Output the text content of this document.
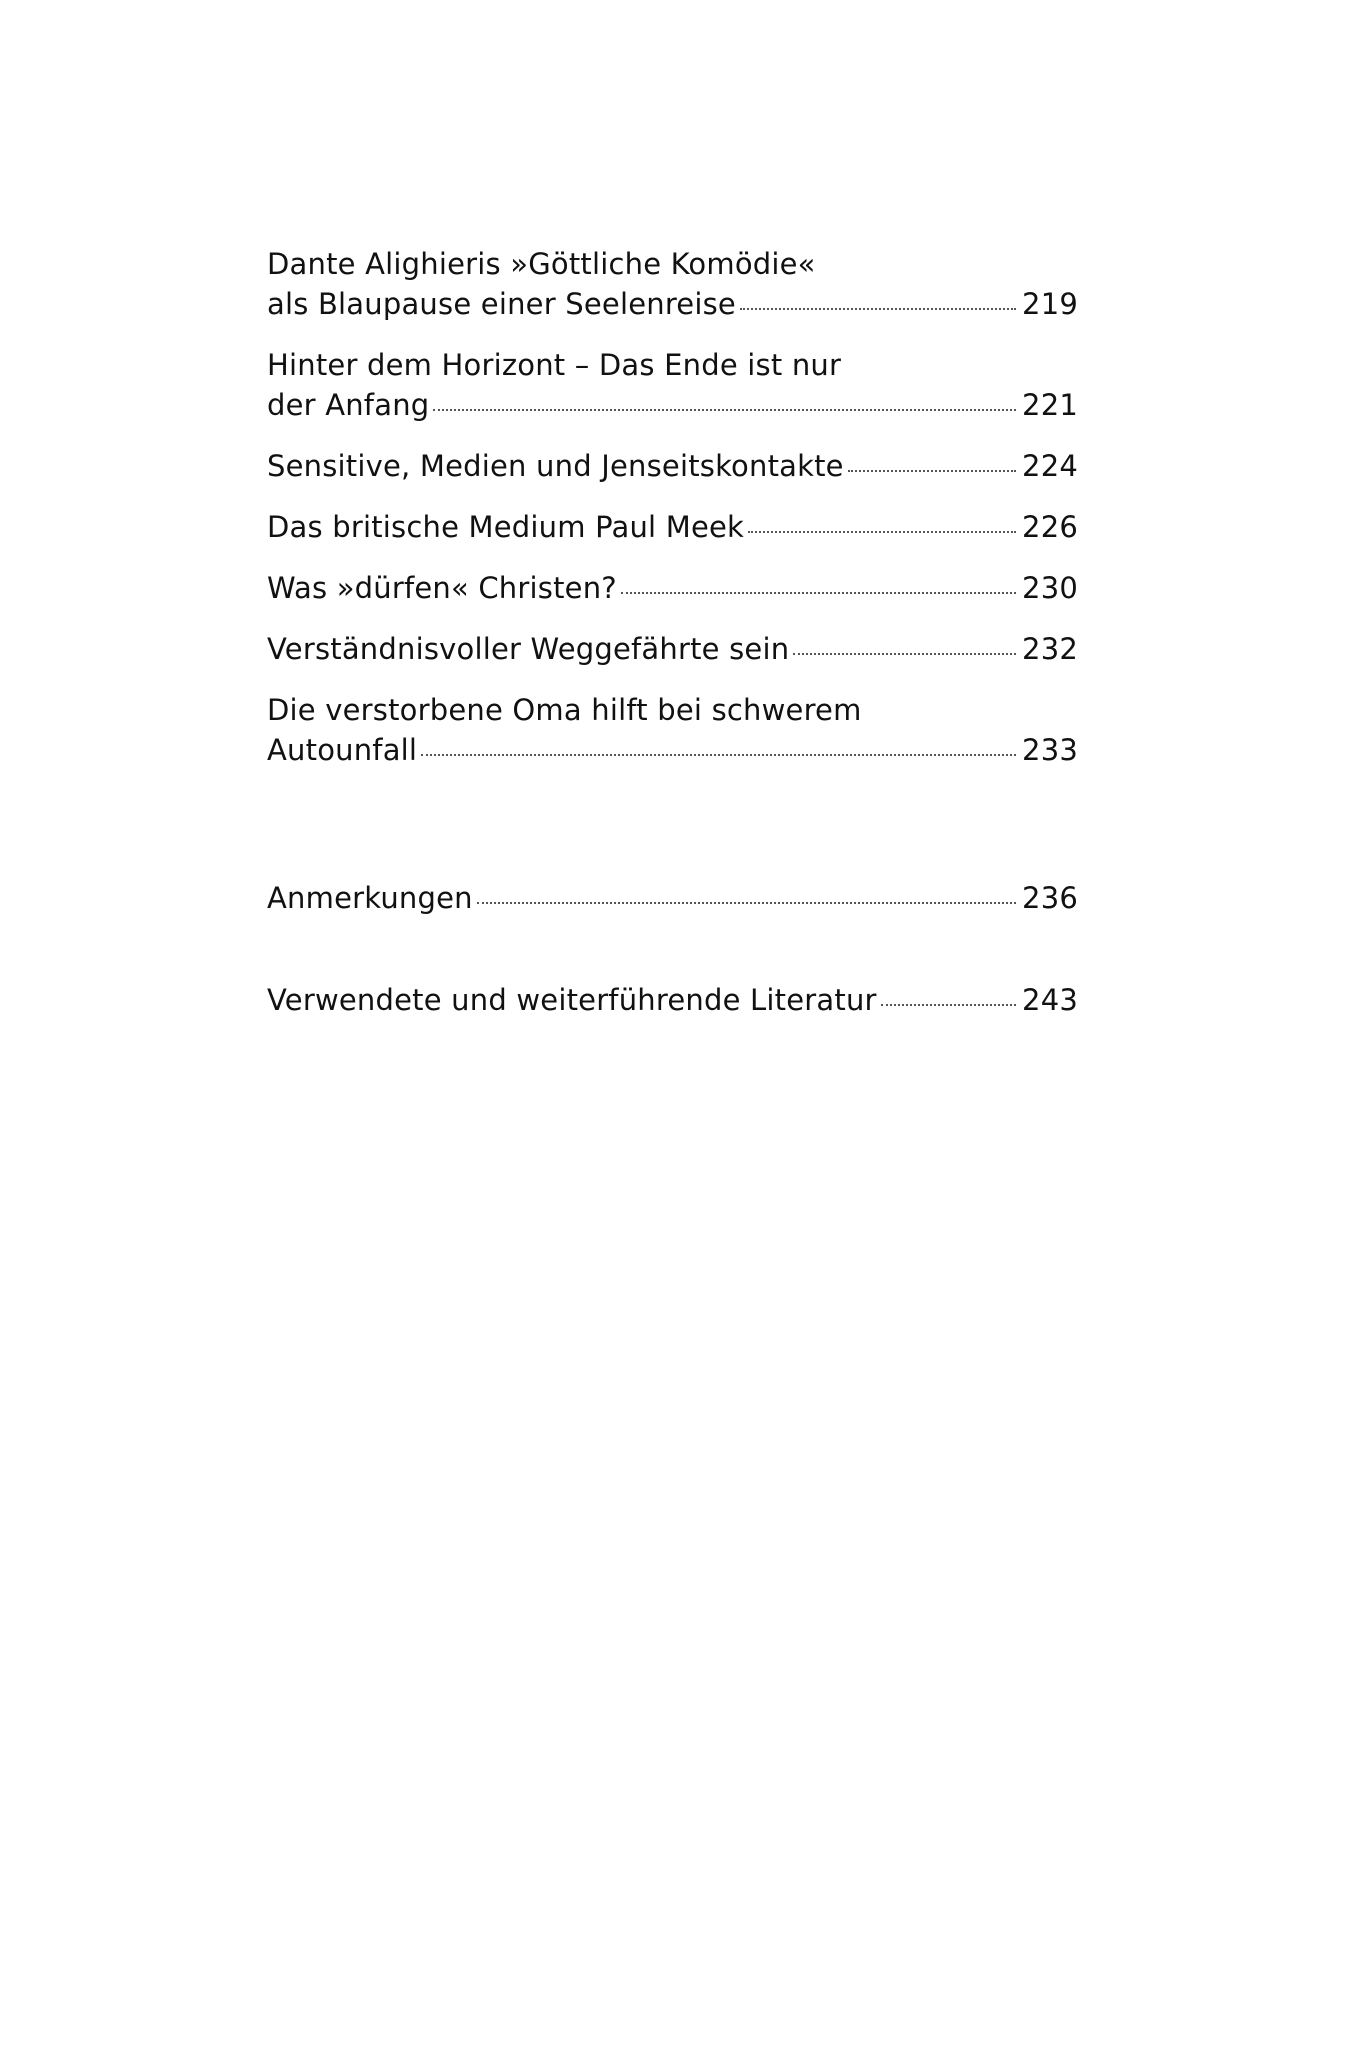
Dante Alighieris »Göttliche Komödie«
als Blaupause einer Seelenreise	219
Hinter dem Horizont – Das Ende ist nur
der Anfang	221
Sensitive, Medien und Jenseitskontakte	224
Das britische Medium Paul Meek	226
Was »dürfen« Christen?	230
Verständnisvoller Weggefährte sein	232
Die verstorbene Oma hilft bei schwerem
Autounfall	233
Anmerkungen	236
Verwendete und weiterführende Literatur	243
